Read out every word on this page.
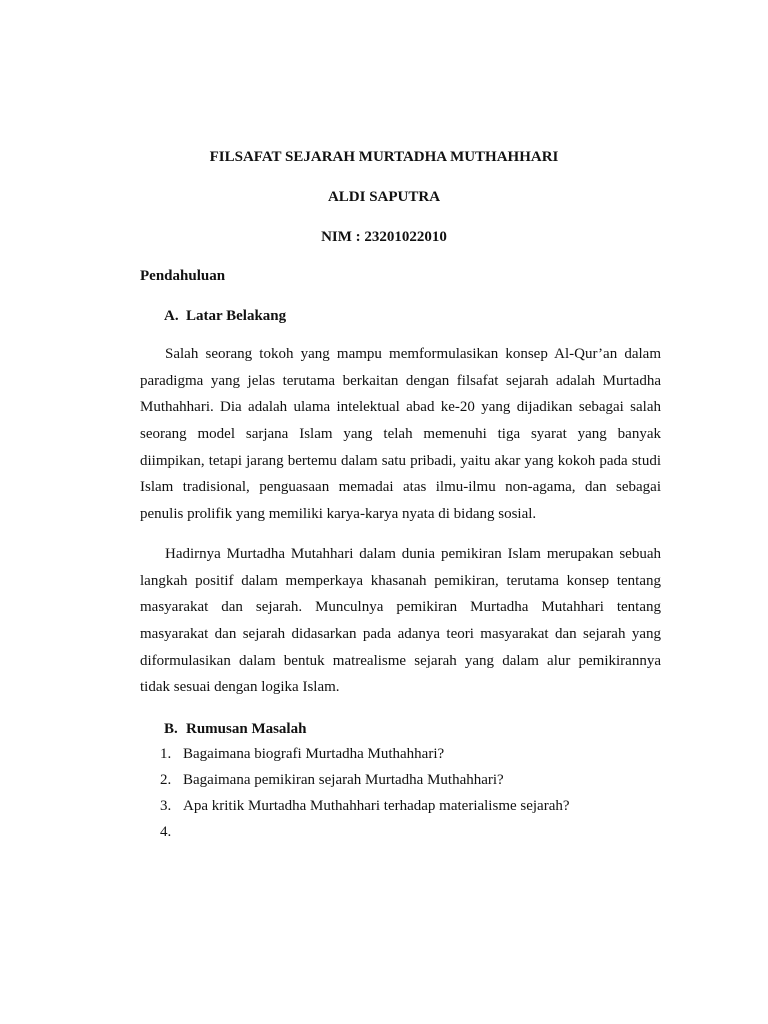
FILSAFAT SEJARAH MURTADHA MUTHAHHARI
ALDI SAPUTRA
NIM : 23201022010
Pendahuluan
A. Latar Belakang
Salah seorang tokoh yang mampu memformulasikan konsep Al-Qur’an dalam
paradigma yang jelas terutama berkaitan dengan filsafat sejarah adalah Murtadha
Muthahhari. Dia adalah ulama intelektual abad ke-20 yang dijadikan sebagai salah
seorang model sarjana Islam yang telah memenuhi tiga syarat yang banyak
diimpikan, tetapi jarang bertemu dalam satu pribadi, yaitu akar yang kokoh pada studi
Islam tradisional, penguasaan memadai atas ilmu-ilmu non-agama, dan sebagai
penulis prolifik yang memiliki karya-karya nyata di bidang sosial.
Hadirnya Murtadha Mutahhari dalam dunia pemikiran Islam merupakan sebuah
langkah positif dalam memperkaya khasanah pemikiran, terutama konsep tentang
masyarakat dan sejarah. Munculnya pemikiran Murtadha Mutahhari tentang
masyarakat dan sejarah didasarkan pada adanya teori masyarakat dan sejarah yang
diformulasikan dalam bentuk matrealisme sejarah yang dalam alur pemikirannya
tidak sesuai dengan logika Islam.
B. Rumusan Masalah
1. Bagaimana biografi Murtadha Muthahhari?
2. Bagaimana pemikiran sejarah Murtadha Muthahhari?
3. Apa kritik Murtadha Muthahhari terhadap materialisme sejarah?
4.
